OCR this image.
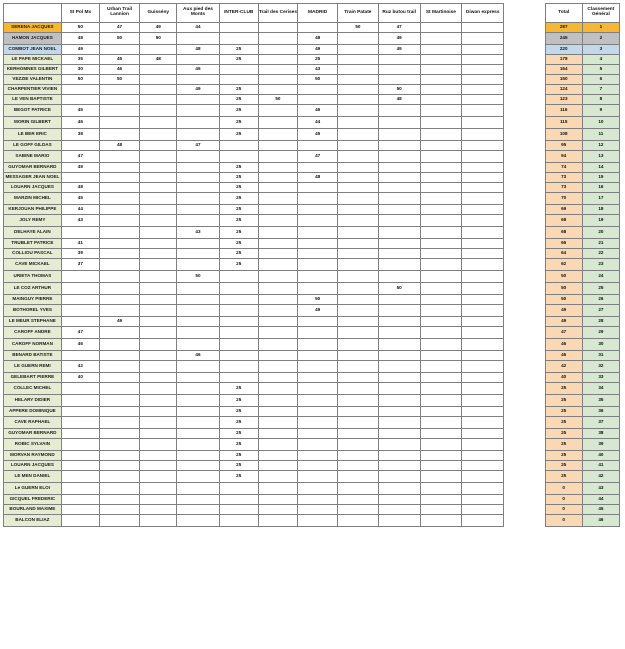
	St Pol Mx	Urban Trail Lannion	Guissény	Aux pied des Monts	INTER-CLUB	Trail des Cerises	MADRID	Train Patate	Ruz butou trail	St Martinoise	Diwan express		Total	Classement Général
SERENA JACQUES	50	47	49	44				50	47				287	1
HAMON JACQUES	48	50	50				48		49				245	2
COMBOT JEAN NOEL	49			48	25		49		49				220	3
LE PAPE MICKAEL	35	45	48		25		25						178	4
KERHOMNES GILBERT	30	46		45			43						164	5
VEZZIE VALENTIN	50	50					50						150	6
CHARPENTIER VIVIEN				49	25				50				124	7
LE VEN BAPTISTE					25	50			48				123	8
BEGOT PATRICE	45				25		46						116	9
MORIN GILBERT	46				25		44						115	10
LE BER ERIC	38				25		45						108	11
LE GOFF GILDAS		48		47									95	12
SABINE MARIO	47						47						94	13
GUYOMAR BERNARD	49				25								74	14
MESSAGER JEAN NOEL					25		48						73	15
LOUARN JACQUES	48				25								73	16
MARZIN MICHEL	45				25								70	17
KERJOUAN PHILIPPE	44				25								69	18
JOLY REMY	43				25								68	19
DELHAYE ALAIN				43	25								68	20
TRUBLET PATRICE	41				25								66	21
COLLIOU PASCAL	39				25								64	22
CAVE MICKAEL	37				25								62	23
URIETA THOMAS				50									50	24
LE COZ ARTHUR									50				50	25
MAINGUY PIERRE							50						50	26
BOTHOREL YVES							49						49	27
LE MEUR STEPHANE		49											49	28
CAROFF ANDRE	47												47	29
CAROFF NORMAN	46												46	30
BENARD BATISTE				46									46	31
LE GUERN REMI	42												42	32
GELEBART PIERRE	40												40	33
COLLEC MICHEL					25								25	34
HELARY DIDIER					25								25	35
APPERE DOMINIQUE					25								25	36
CAVE RAPHAEL					25								25	37
GUYOMAR BERNARD					25								25	38
ROBIC SYLVAIN					25								25	39
MORVAN RAYMOND					25								25	40
LOUARN JACQUES					25								25	41
LE MEN DANIEL					25								25	42
Le GUERN ELOI													0	43
GICQUEL FREDERIC													0	44
BOURLAND MAXIME													0	45
BALCON ELIAZ													0	46
